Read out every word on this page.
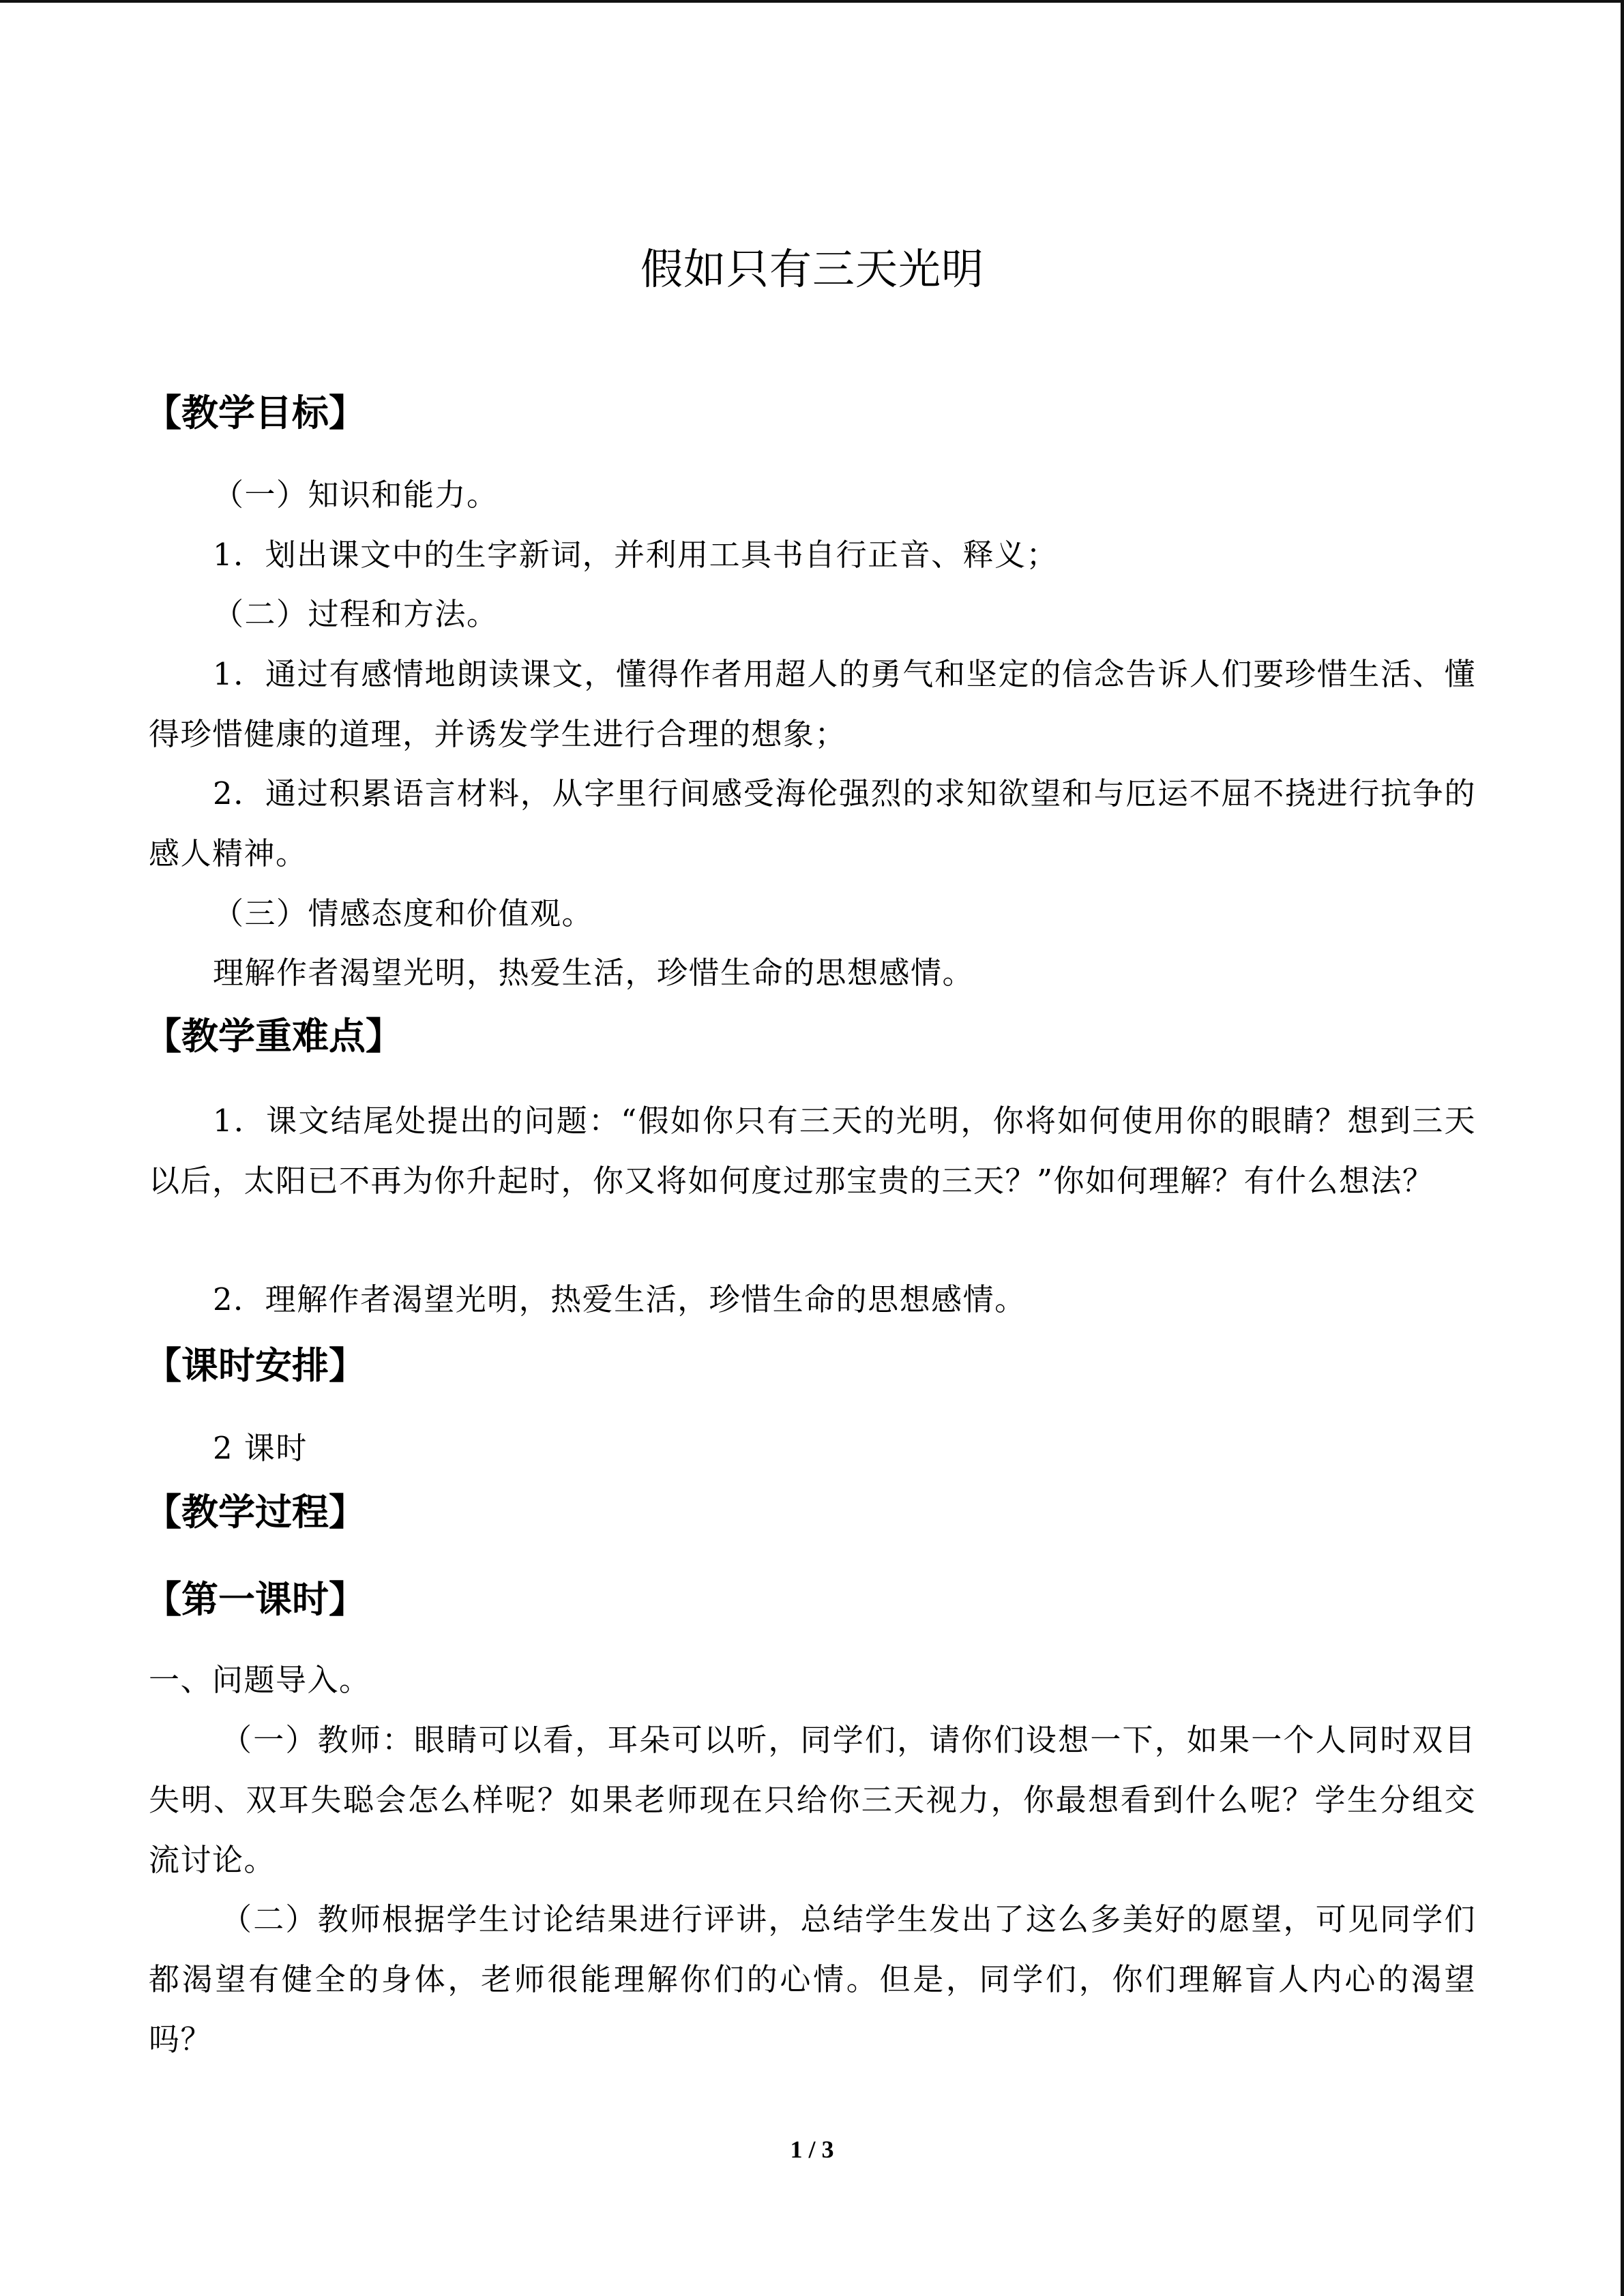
假如只有三天光明
【教学目标】

（一）知识和能力。

1．划出课文中的生字新词，并利用工具书自行正音、释义；

（二）过程和方法。

1．通过有感情地朗读课文，懂得作者用超人的勇气和坚定的信念告诉人们要珍惜生活、懂得珍惜健康的道理，并诱发学生进行合理的想象；

2．通过积累语言材料，从字里行间感受海伦强烈的求知欲望和与厄运不屈不挠进行抗争的感人精神。

（三）情感态度和价值观。

理解作者渴望光明，热爱生活，珍惜生命的思想感情。

【教学重难点】

1．课文结尾处提出的问题：“假如你只有三天的光明，你将如何使用你的眼睛？想到三天以后，太阳已不再为你升起时，你又将如何度过那宝贵的三天？”你如何理解？有什么想法？

2．理解作者渴望光明，热爱生活，珍惜生命的思想感情。

【课时安排】

2 课时

【教学过程】
【第一课时】

一、问题导入。

（一）教师：眼睛可以看，耳朵可以听，同学们，请你们设想一下，如果一个人同时双目失明、双耳失聪会怎么样呢？如果老师现在只给你三天视力，你最想看到什么呢？学生分组交流讨论。

（二）教师根据学生讨论结果进行评讲，总结学生发出了这么多美好的愿望，可见同学们都渴望有健全的身体，老师很能理解你们的心情。但是，同学们，你们理解盲人内心的渴望吗？

1 / 3
